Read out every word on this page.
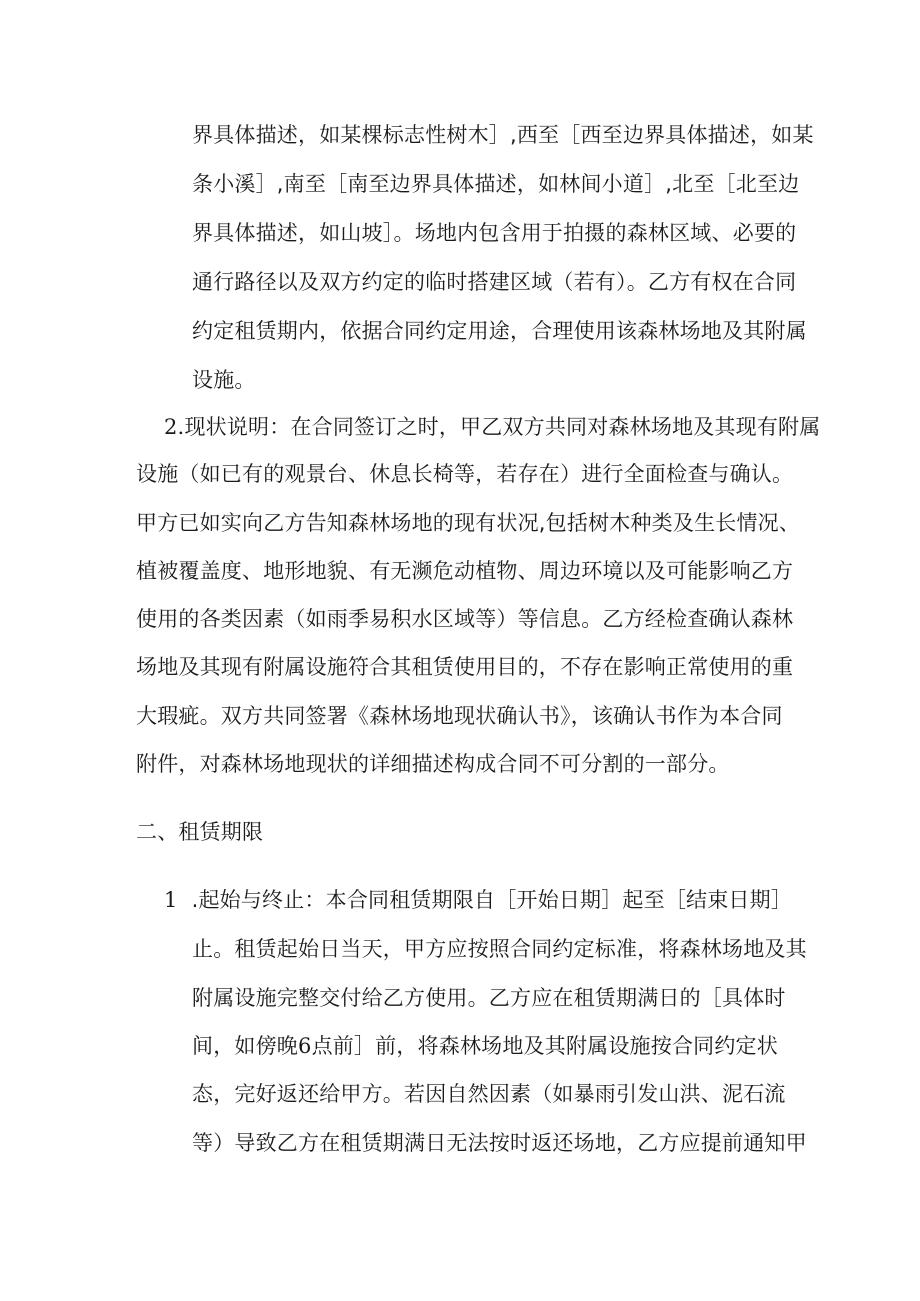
界具体描述，如某棵标志性树木］,西至［西至边界具体描述，如某
条小溪］,南至［南至边界具体描述，如林间小道］,北至［北至边
界具体描述，如山坡］。场地内包含用于拍摄的森林区域、必要的
通行路径以及双方约定的临时搭建区域（若有）。乙方有权在合同
约定租赁期内，依据合同约定用途，合理使用该森林场地及其附属
设施。
2.现状说明：在合同签订之时，甲乙双方共同对森林场地及其现有附属
设施（如已有的观景台、休息长椅等，若存在）进行全面检查与确认。
甲方已如实向乙方告知森林场地的现有状况,包括树木种类及生长情况、
植被覆盖度、地形地貌、有无濒危动植物、周边环境以及可能影响乙方
使用的各类因素（如雨季易积水区域等）等信息。乙方经检查确认森林
场地及其现有附属设施符合其租赁使用目的，不存在影响正常使用的重
大瑕疵。双方共同签署《森林场地现状确认书》，该确认书作为本合同
附件，对森林场地现状的详细描述构成合同不可分割的一部分。
二、租赁期限
1 .起始与终止：本合同租赁期限自［开始日期］起至［结束日期］
止。租赁起始日当天，甲方应按照合同约定标准，将森林场地及其
附属设施完整交付给乙方使用。乙方应在租赁期满日的［具体时
间，如傍晚6点前］前，将森林场地及其附属设施按合同约定状
态，完好返还给甲方。若因自然因素（如暴雨引发山洪、泥石流
等）导致乙方在租赁期满日无法按时返还场地，乙方应提前通知甲
